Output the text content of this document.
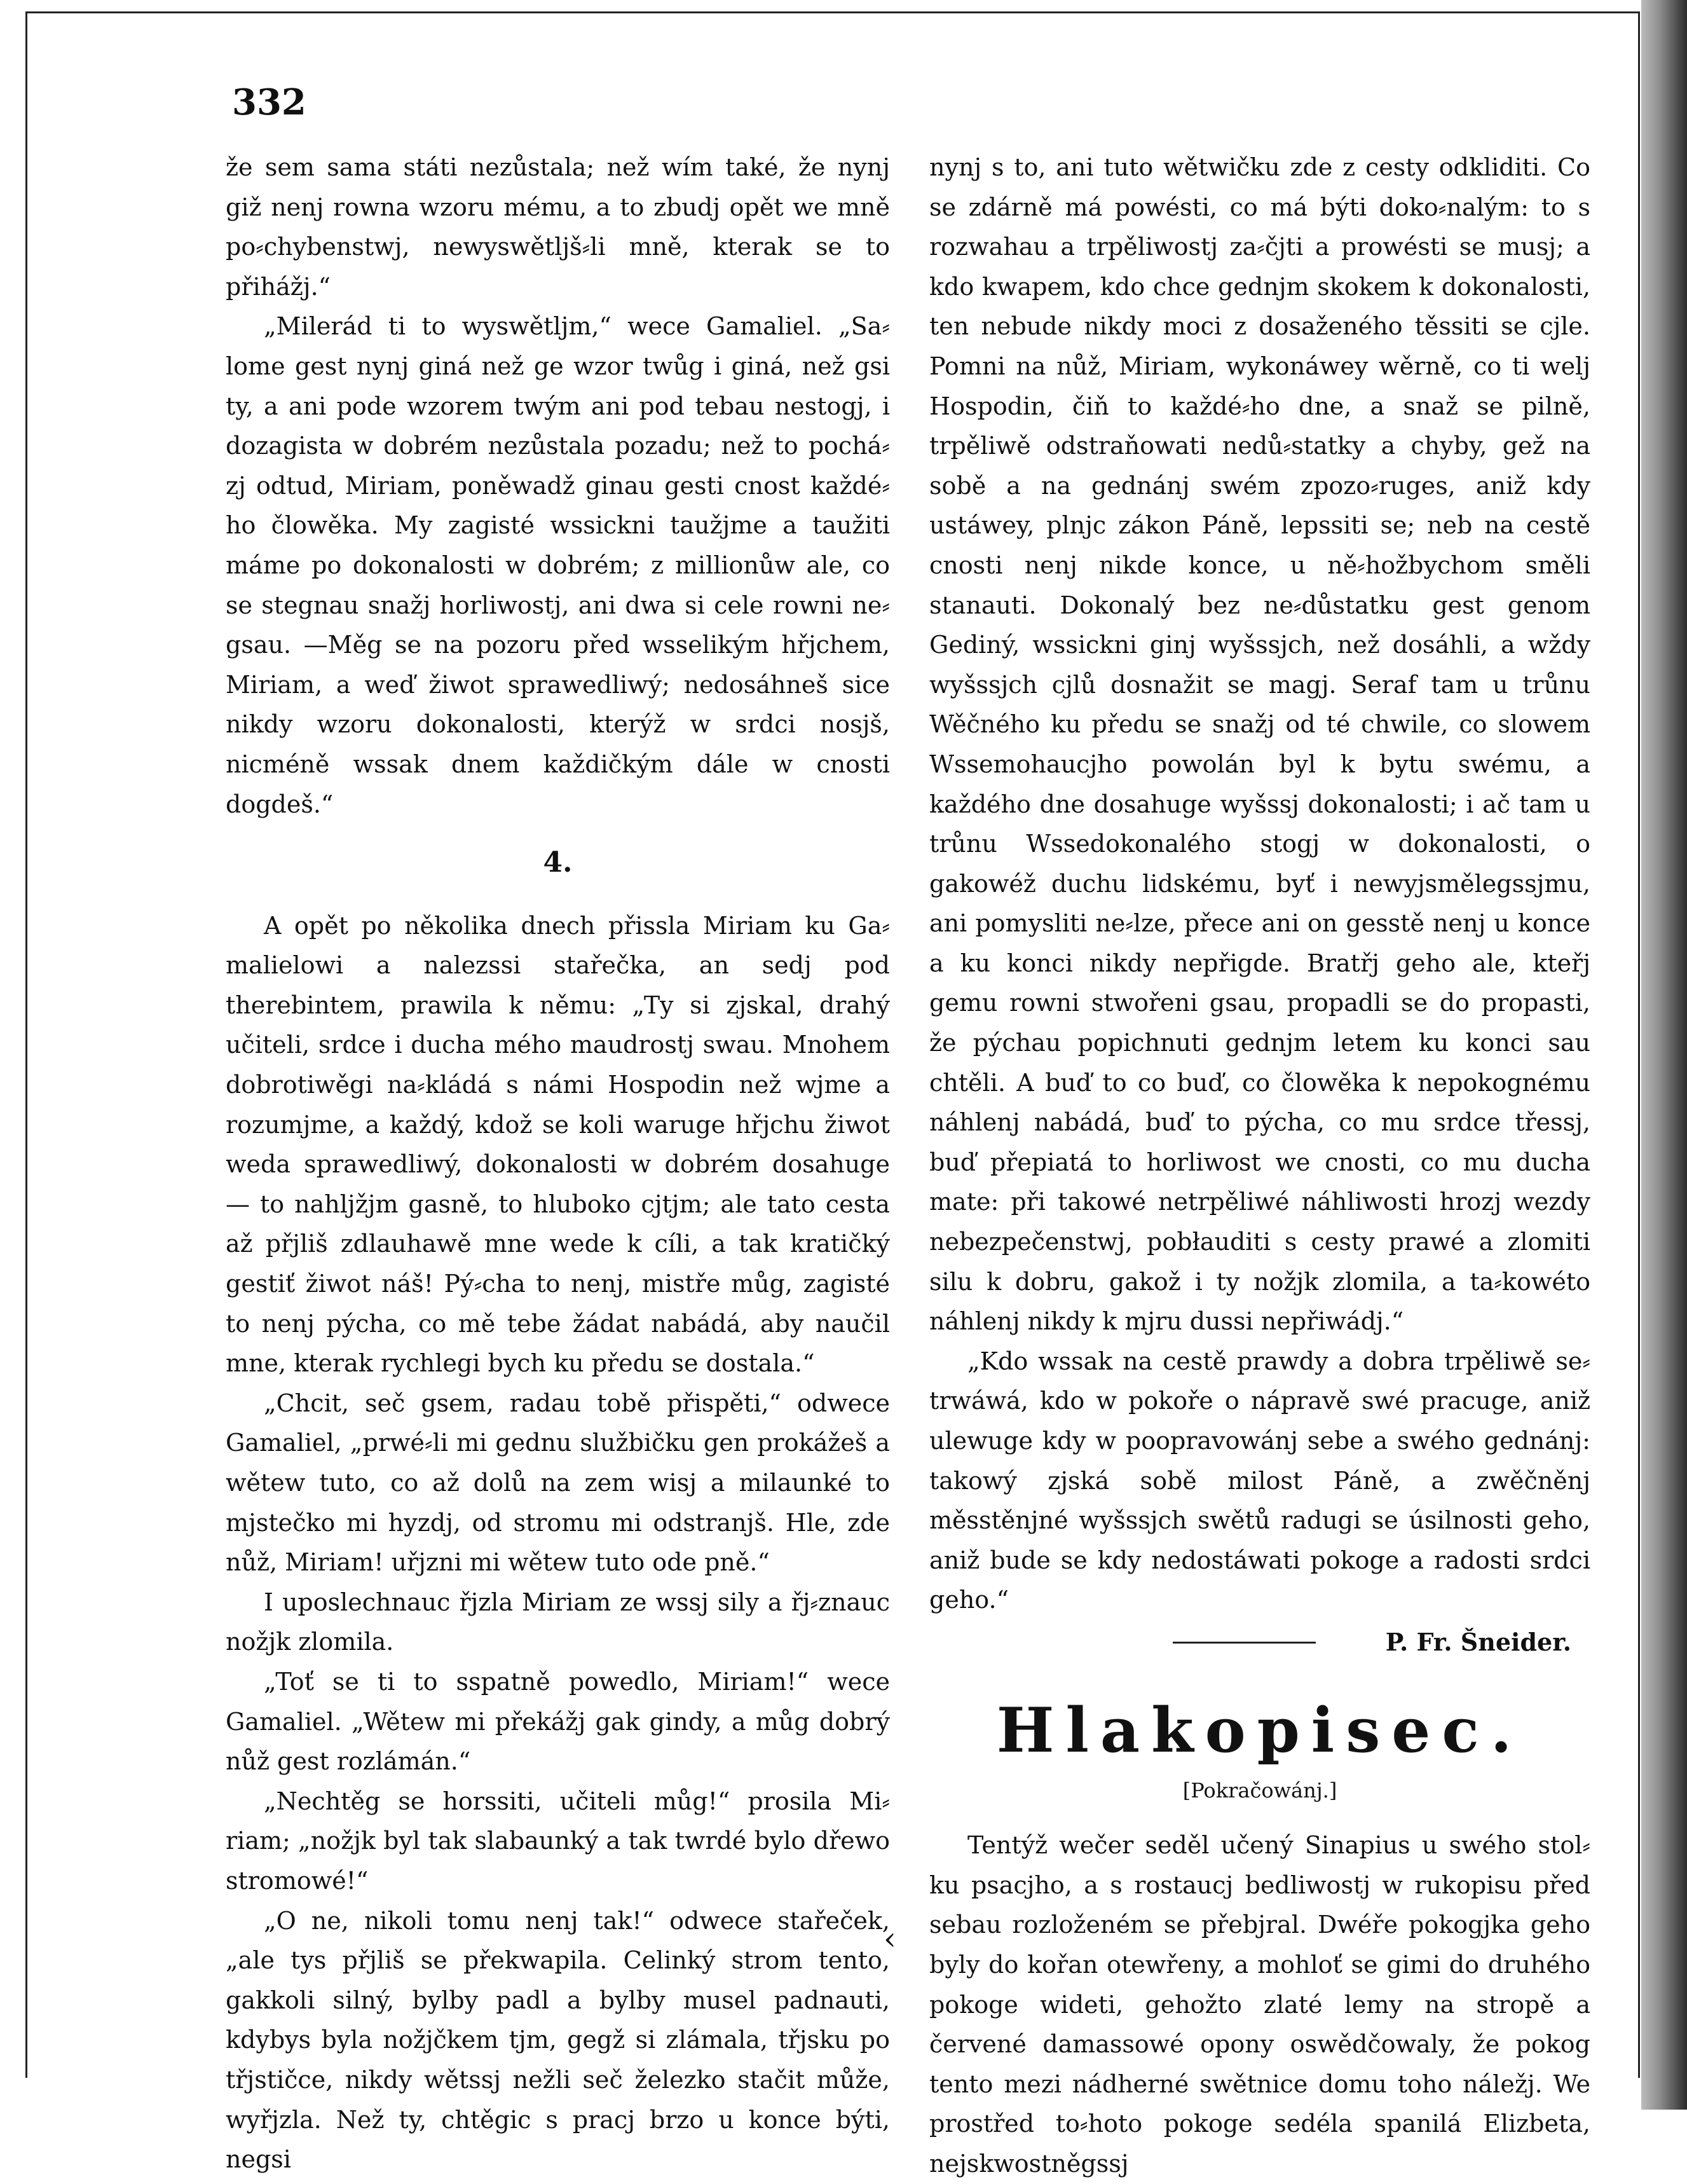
332

že sem sama státi nezůstala; než wím také, že nynj giž nenj rowna wzoru mému, a to zbudj opět we mně po⸗chybenstwj, newyswětljš⸗li mně, kterak se to přihážj.“

„Milerád ti to wyswětljm,“ wece Gamaliel. „Sa⸗lome gest nynj giná než ge wzor twůg i giná, než gsi ty, a ani pode wzorem twým ani pod tebau nestogj, i dozagista w dobrém nezůstala pozadu; než to pochá⸗zj odtud, Miriam, poněwadž ginau gesti cnost každé⸗ho člowěka. My zagisté wssickni taužjme a taužiti máme po dokonalosti w dobrém; z millionůw ale, co se stegnau snažj horliwostj, ani dwa si cele rowni ne⸗gsau. —Měg se na pozoru před wsselikým hřjchem, Miriam, a weď žiwot sprawedliwý; nedosáhneš sice nikdy wzoru dokonalosti, kterýž w srdci nosjš, nicméně wssak dnem každičkým dále w cnosti dogdeš.“

4.

A opět po několika dnech přissla Miriam ku Ga⸗malielowi a nalezssi stařečka, an sedj pod therebintem, prawila k němu: „Ty si zjskal, drahý učiteli, srdce i ducha mého maudrostj swau. Mnohem dobrotiwěgi na⸗kládá s námi Hospodin než wjme a rozumjme, a každý, kdož se koli waruge hřjchu žiwot weda sprawedliwý, dokonalosti w dobrém dosahuge — to nahljžjm gasně, to hluboko cjtjm; ale tato cesta až přjliš zdlauhawě mne wede k cíli, a tak kratičký gestiť žiwot náš! Pý⸗cha to nenj, mistře můg, zagisté to nenj pýcha, co mě tebe žádat nabádá, aby naučil mne, kterak rychlegi bych ku předu se dostala.“

„Chcit, seč gsem, radau tobě přispěti,“ odwece Gamaliel, „prwé⸗li mi gednu službičku gen prokážeš a wětew tuto, co až dolů na zem wisj a milaunké to mjstečko mi hyzdj, od stromu mi odstranjš. Hle, zde nůž, Miriam! uřjzni mi wětew tuto ode pně.“

I uposlechnauc řjzla Miriam ze wssj sily a řj⸗znauc nožjk zlomila.

„Toť se ti to sspatně powedlo, Miriam!“ wece Gamaliel. „Wětew mi překážj gak gindy, a můg dobrý nůž gest rozlámán.“

„Nechtěg se horssiti, učiteli můg!“ prosila Mi⸗riam; „nožjk byl tak slabaunký a tak twrdé bylo dřewo stromowé!“

„O ne, nikoli tomu nenj tak!“ odwece stařeček, „ale tys přjliš se překwapila. Celinký strom tento, gakkoli silný, bylby padl a bylby musel padnauti, kdybys byla nožjčkem tjm, gegž si zlámala, třjsku po třjstičce, nikdy wětssj nežli seč železko stačit může, wyřjzla. Než ty, chtěgic s pracj brzo u konce býti, negsi

‹

nynj s to, ani tuto wětwičku zde z cesty odkliditi. Co se zdárně má powésti, co má býti doko⸗nalým: to s rozwahau a trpěliwostj za⸗čjti a prowésti se musj; a kdo kwapem, kdo chce gednjm skokem k dokonalosti, ten nebude nikdy moci z dosaženého těssiti se cjle. Pomni na nůž, Miriam, wykonáwey wěrně, co ti welj Hospodin, čiň to každé⸗ho dne, a snaž se pilně, trpěliwě odstraňowati nedů⸗statky a chyby, gež na sobě a na gednánj swém zpozo⸗ruges, aniž kdy ustáwey, plnjc zákon Páně, lepssiti se; neb na cestě cnosti nenj nikde konce, u ně⸗hožbychom směli stanauti. Dokonalý bez ne⸗důstatku gest genom Gediný, wssickni ginj wyšssjch, než dosáhli, a wždy wyšssjch cjlů dosnažit se magj. Seraf tam u trůnu Wěčného ku předu se snažj od té chwile, co slowem Wssemohaucjho powolán byl k bytu swému, a každého dne dosahuge wyšssj dokonalosti; i ač tam u trůnu Wssedokonalého stogj w dokonalosti, o gakowéž duchu lidskému, byť i newyjsmělegssjmu, ani pomysliti ne⸗lze, přece ani on gesstě nenj u konce a ku konci nikdy nepřigde. Bratřj geho ale, kteřj gemu rowni stwořeni gsau, propadli se do propasti, že pýchau popichnuti gednjm letem ku konci sau chtěli. A buď to co buď, co člowěka k nepokognému náhlenj nabádá, buď to pýcha, co mu srdce třessj, buď přepiatá to horliwost we cnosti, co mu ducha mate: při takowé netrpěliwé náhliwosti hrozj wezdy nebezpečenstwj, pobłauditi s cesty prawé a zlomiti silu k dobru, gakož i ty nožjk zlomila, a ta⸗kowéto náhlenj nikdy k mjru dussi nepřiwádj.“

„Kdo wssak na cestě prawdy a dobra trpěliwě se⸗trwáwá, kdo w pokoře o nápravě swé pracuge, aniž ulewuge kdy w poopravowánj sebe a swého gednánj: takowý zjská sobě milost Páně, a zwěčněnj měsstěnjné wyšssjch swětů radugi se úsilnosti geho, aniž bude se kdy nedostáwati pokoge a radosti srdci geho.“

P. Fr. Šneider.

Hlakopisec.

[Pokračowánj.]

Tentýž wečer seděl učený Sinapius u swého stol⸗ku psacjho, a s rostaucj bedliwostj w rukopisu před sebau rozloženém se přebjral. Dwéře pokogjka geho byly do kořan otewřeny, a mohloť se gimi do druhého pokoge wideti, gehožto zlaté lemy na stropě a červené damassowé opony oswědčowaly, že pokog tento mezi nádherné swětnice domu toho náležj. We prostřed to⸗hoto pokoge sedéla spanilá Elizbeta, nejskwostněgssj
